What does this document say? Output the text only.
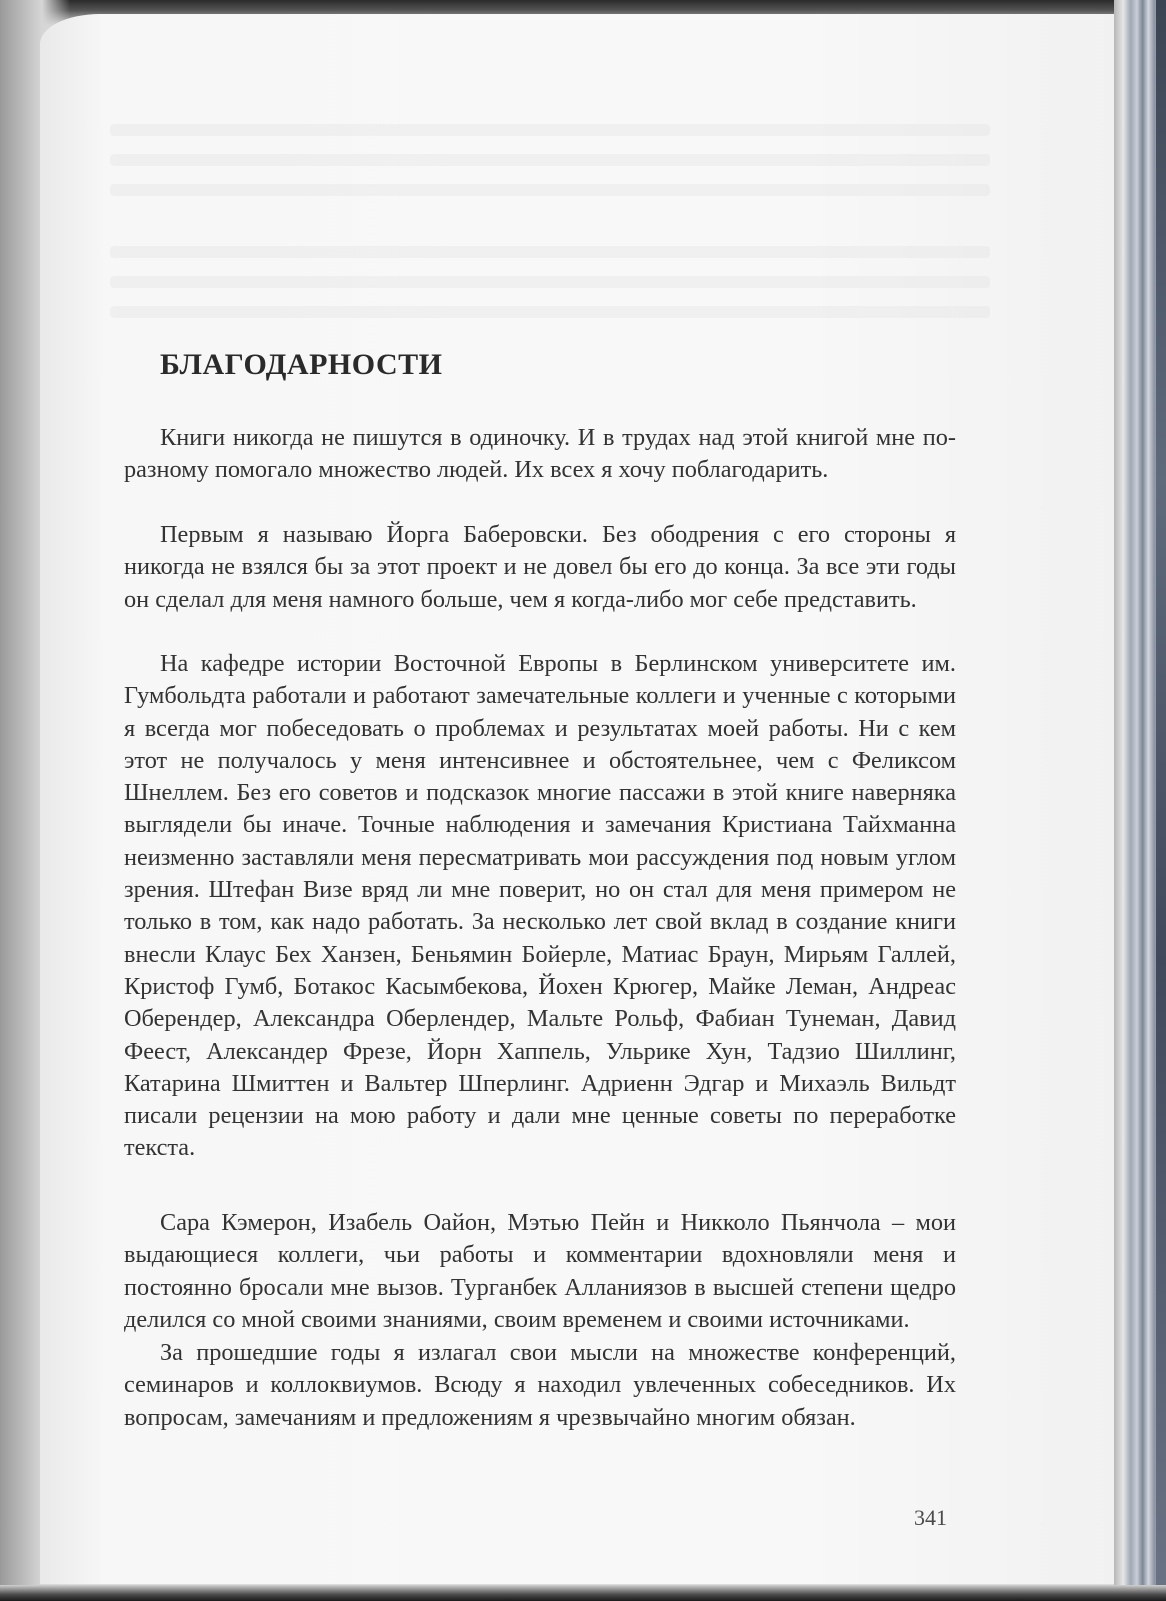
БЛАГОДАРНОСТИ

Книги никогда не пишутся в одиночку. И в трудах над этой книгой мне по-разному помогало множество людей. Их всех я хочу поблагодарить.

Первым я называю Йорга Баберовски. Без ободрения с его стороны я никогда не взялся бы за этот проект и не довел бы его до конца. За все эти годы он сделал для меня намного больше, чем я когда-либо мог себе представить.

На кафедре истории Восточной Европы в Берлинском университете им. Гумбольдта работали и работают замечательные коллеги и ученные с которыми я всегда мог побеседовать о проблемах и результатах моей работы. Ни с кем этот не получалось у меня интенсивнее и обстоятельнее, чем с Феликсом Шнеллем. Без его советов и подсказок многие пассажи в этой книге наверняка выглядели бы иначе. Точные наблюдения и замечания Кристиана Тайхманна неизменно заставляли меня пересматривать мои рассуждения под новым углом зрения. Штефан Визе вряд ли мне поверит, но он стал для меня примером не только в том, как надо работать. За несколько лет свой вклад в создание книги внесли Клаус Бех Ханзен, Беньямин Бойерле, Матиас Браун, Мирьям Галлей, Кристоф Гумб, Ботакос Касымбекова, Йохен Крюгер, Майке Леман, Андреас Оберендер, Александра Оберлендер, Мальте Рольф, Фабиан Тунеман, Давид Феест, Александер Фрезе, Йорн Хаппель, Ульрике Хун, Тадзио Шиллинг, Катарина Шмиттен и Вальтер Шперлинг. Адриенн Эдгар и Михаэль Вильдт писали рецензии на мою работу и дали мне ценные советы по переработке текста.

Сара Кэмерон, Изабель Оайон, Мэтью Пейн и Никколо Пьянчола – мои выдающиеся коллеги, чьи работы и комментарии вдохновляли меня и постоянно бросали мне вызов. Турганбек Алланиязов в высшей степени щедро делился со мной своими знаниями, своим временем и своими источниками.

За прошедшие годы я излагал свои мысли на множестве конференций, семинаров и коллоквиумов. Всюду я находил увлеченных собеседников. Их вопросам, замечаниям и предложениям я чрезвычайно многим обязан.

341
